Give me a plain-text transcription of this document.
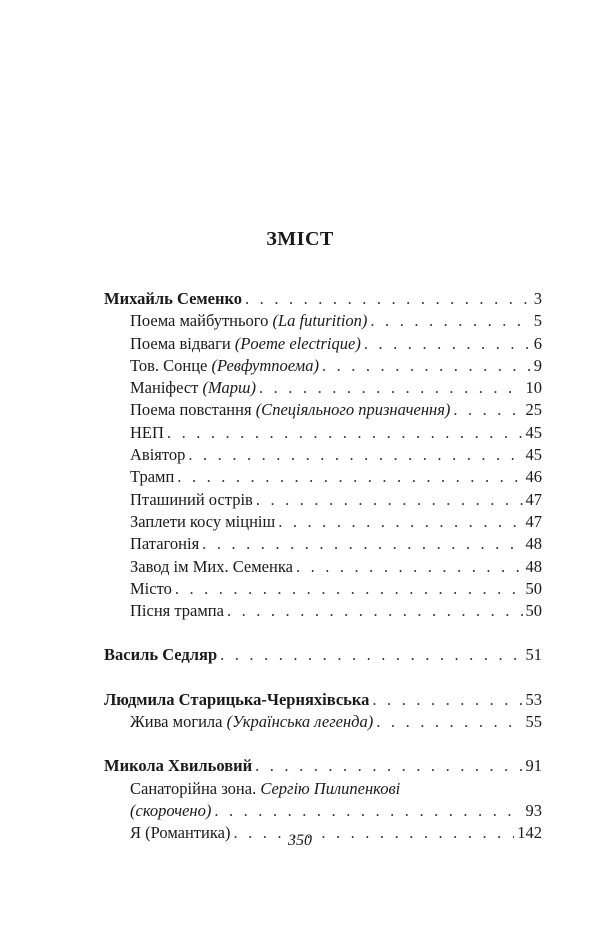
ЗМІСТ
Михайль Семенко . . .	3
Поема майбутнього (La futurition) . . .	5
Поема відваги (Poeme electrique) . . .	6
Тов. Сонце (Ревфутпоема) . . .	9
Маніфест (Марш) . . .	10
Поема повстання (Спеціяльного призначення) . . .	25
НЕП . . .	45
Авіятор . . .	45
Трамп . . .	46
Пташиний острів . . .	47
Заплети косу міцніш . . .	47
Патагонія . . .	48
Завод ім Мих. Семенка . . .	48
Місто . . .	50
Пісня трампа . . .	50
Василь Седляр . . .	51
Людмила Старицька-Черняхівська . . .	53
Жива могила (Українська легенда) . . .	55
Микола Хвильовий . . .	91
Санаторійна зона. Сергію Пилипенкові
(скорочено) . . .	93
Я (Романтика) . . .	142
350
